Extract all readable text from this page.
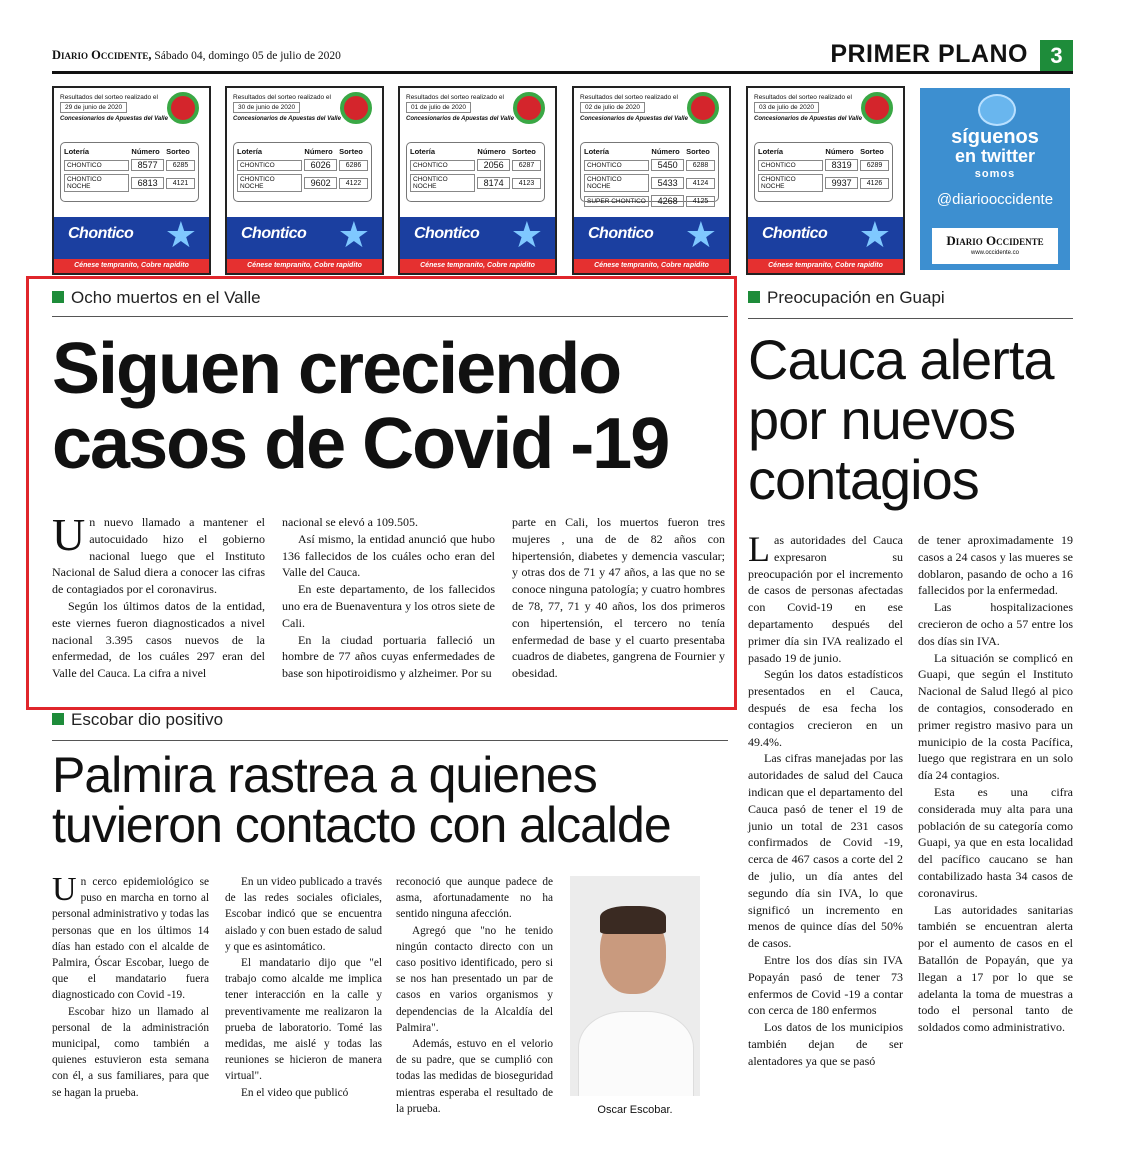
Diario Occidente, Sábado 04, domingo 05 de julio de 2020	PRIMER PLANO	3
Resultados del sorteo realizado el
29 de junio de 2020
Concesionarios de Apuestas del Valle
Lotería	Número Sorteo
CHONTICO	8577	6285
CHONTICO NOCHE	6813	4121
Chontico ★
Cénese tempranito, Cobre rapidito
Resultados del sorteo realizado el
30 de junio de 2020
Concesionarios de Apuestas del Valle
Lotería	Número Sorteo
CHONTICO	6026	6286
CHONTICO NOCHE	9602	4122
Chontico ★
Cénese tempranito, Cobre rapidito
Resultados del sorteo realizado el
01 de julio de 2020
Concesionarios de Apuestas del Valle
Lotería	Número Sorteo
CHONTICO	2056	6287
CHONTICO NOCHE	8174	4123
Chontico ★
Cénese tempranito, Cobre rapidito
Resultados del sorteo realizado el
02 de julio de 2020
Concesionarios de Apuestas del Valle
Lotería	Número Sorteo
CHONTICO	5450	6288
CHONTICO NOCHE	5433	4124
SUPER CHONTICO	4268	4125
Chontico ★
Cénese tempranito, Cobre rapidito
Resultados del sorteo realizado el
03 de julio de 2020
Concesionarios de Apuestas del Valle
Lotería	Número Sorteo
CHONTICO	8319	6289
CHONTICO NOCHE	9937	4126
Chontico ★
Cénese tempranito, Cobre rapidito
síguenos
en twitter
somos
@diariooccidente
Diario Occidente
www.occidente.co
Ocho muertos en el Valle
Siguen creciendo casos de Covid -19
U n nuevo llamado a mantener el autocuidado hizo el gobierno nacional luego que el Instituto Nacional de Salud diera a conocer las cifras de contagiados por el coronavirus.

Según los últimos datos de la entidad, este viernes fueron diagnosticados a nivel nacional 3.395 casos nuevos de la enfermedad, de los cuáles 297 eran del Valle del Cauca. La cifra a nivel

nacional se elevó a 109.505.

Así mismo, la entidad anunció que hubo 136 fallecidos de los cuáles ocho eran del Valle del Cauca.

En este departamento, de los fallecidos uno era de Buenaventura y los otros siete de Cali.

En la ciudad portuaria falleció un hombre de 77 años cuyas enfermedades de base son hipotiroidismo y alzheimer. Por su

parte en Cali, los muertos fueron tres mujeres , una de de 82 años con hipertensión, diabetes y demencia vascular; y otras dos de 71 y 47 años, a las que no se conoce ninguna patología; y cuatro hombres de 78, 77, 71 y 40 años, los dos primeros con hipertensión, el tercero no tenía enfermedad de base y el cuarto presentaba cuadros de diabetes, gangrena de Fournier y obesidad.

Preocupación en Guapi
Cauca alerta por nuevos contagios
L as autoridades del Cauca expresaron su preocupación por el incremento de casos de personas afectadas con Covid-19 en ese departamento después del primer día sin IVA realizado el pasado 19 de junio.

Según los datos estadísticos presentados en el Cauca, después de esa fecha los contagios crecieron en un 49.4%.

Las cifras manejadas por las autoridades de salud del Cauca indican que el departamento del Cauca pasó de tener el 19 de junio un total de 231 casos confirmados de Covid -19, cerca de 467 casos a corte del 2 de julio, un día antes del segundo día sin IVA, lo que significó un incremento en menos de quince días del 50% de casos.

Entre los dos días sin IVA Popayán pasó de tener 73 enfermos de Covid -19 a contar con cerca de 180 enfermos

Los datos de los municipios también dejan de ser alentadores ya que se pasó

de tener aproximadamente 19 casos a 24 casos y las mueres se doblaron, pasando de ocho a 16 fallecidos por la enfermedad.

Las hospitalizaciones crecieron de ocho a 57 entre los dos días sin IVA.

La situación se complicó en Guapi, que según el Instituto Nacional de Salud llegó al pico de contagios, consoderado en primer registro masivo para un municipio de la costa Pacífica, luego que registrara en un solo día 24 contagios.

Esta es una cifra considerada muy alta para una población de su categoría como Guapi, ya que en esta localidad del pacífico caucano se han contabilizado hasta 34 casos de coronavirus.

Las autoridades sanitarias también se encuentran alerta por el aumento de casos en el Batallón de Popayán, que ya llegan a 17 por lo que se adelanta la toma de muestras a todo el personal tanto de soldados como administrativo.

Escobar dio positivo
Palmira rastrea a quienes tuvieron contacto con alcalde
U n cerco epidemiológico se puso en marcha en torno al personal administrativo y todas las personas que en los últimos 14 días han estado con el alcalde de Palmira, Óscar Escobar, luego de que el mandatario fuera diagnosticado con Covid -19.

Escobar hizo un llamado al personal de la administración municipal, como también a quienes estuvieron esta semana con él, a sus familiares, para que se hagan la prueba.

En un video publicado a través de las redes sociales oficiales, Escobar indicó que se encuentra aislado y con buen estado de salud y que es asintomático.

El mandatario dijo que "el trabajo como alcalde me implica tener interacción en la calle y preventivamente me realizaron la prueba de laboratorio. Tomé las medidas, me aislé y todas las reuniones se hicieron de manera virtual".

En el video que publicó

reconoció que aunque padece de asma, afortunadamente no ha sentido ninguna afección.

Agregó que "no he tenido ningún contacto directo con un caso positivo identificado, pero si se nos han presentado un par de casos en varios organismos y dependencias de la Alcaldía del Palmira".

Además, estuvo en el velorio de su padre, que se cumplió con todas las medidas de bioseguridad mientras esperaba el resultado de la prueba.	Oscar Escobar.
